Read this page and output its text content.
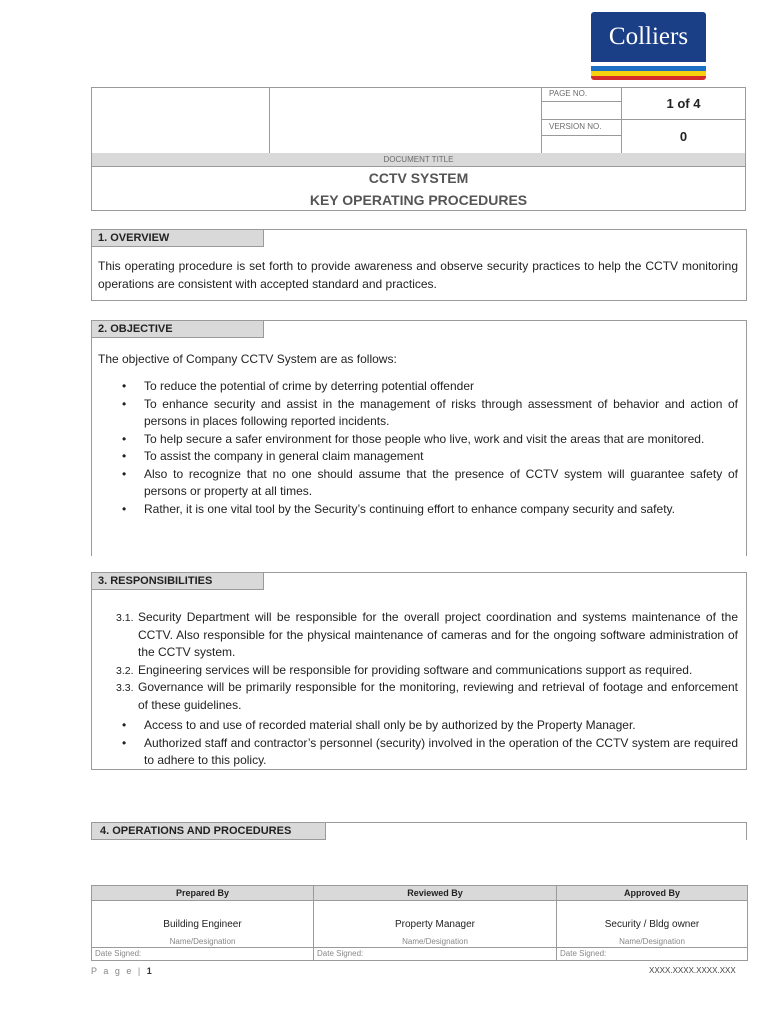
Colliers
PAGE NO.
1 of 4
VERSION NO.
0
DOCUMENT TITLE
CCTV SYSTEM
KEY OPERATING PROCEDURES
1. OVERVIEW
This operating procedure is set forth to provide awareness and observe security practices to help the CCTV monitoring operations are consistent with accepted standard and practices.
2. OBJECTIVE
The objective of Company CCTV System are as follows:
• To reduce the potential of crime by deterring potential offender
• To enhance security and assist in the management of risks through assessment of behavior and action of persons in places following reported incidents.
• To help secure a safer environment for those people who live, work and visit the areas that are monitored.
• To assist the company in general claim management
• Also to recognize that no one should assume that the presence of CCTV system will guarantee safety of persons or property at all times.
• Rather, it is one vital tool by the Security’s continuing effort to enhance company security and safety.
3. RESPONSIBILITIES
3.1. Security Department will be responsible for the overall project coordination and systems maintenance of the CCTV. Also responsible for the physical maintenance of cameras and for the ongoing software administration of the CCTV system.
3.2. Engineering services will be responsible for providing software and communications support as required.
3.3. Governance will be primarily responsible for the monitoring, reviewing and retrieval of footage and enforcement of these guidelines.
• Access to and use of recorded material shall only be by authorized by the Property Manager.
• Authorized staff and contractor’s personnel (security) involved in the operation of the CCTV system are required to adhere to this policy.
4. OPERATIONS AND PROCEDURES
Prepared By	Reviewed By	Approved By
Building Engineer	Property Manager	Security / Bldg owner
Name/Designation	Name/Designation	Name/Designation
Date Signed:	Date Signed:	Date Signed:
P a g e | 1	XXXX.XXXX.XXXX.XXX
